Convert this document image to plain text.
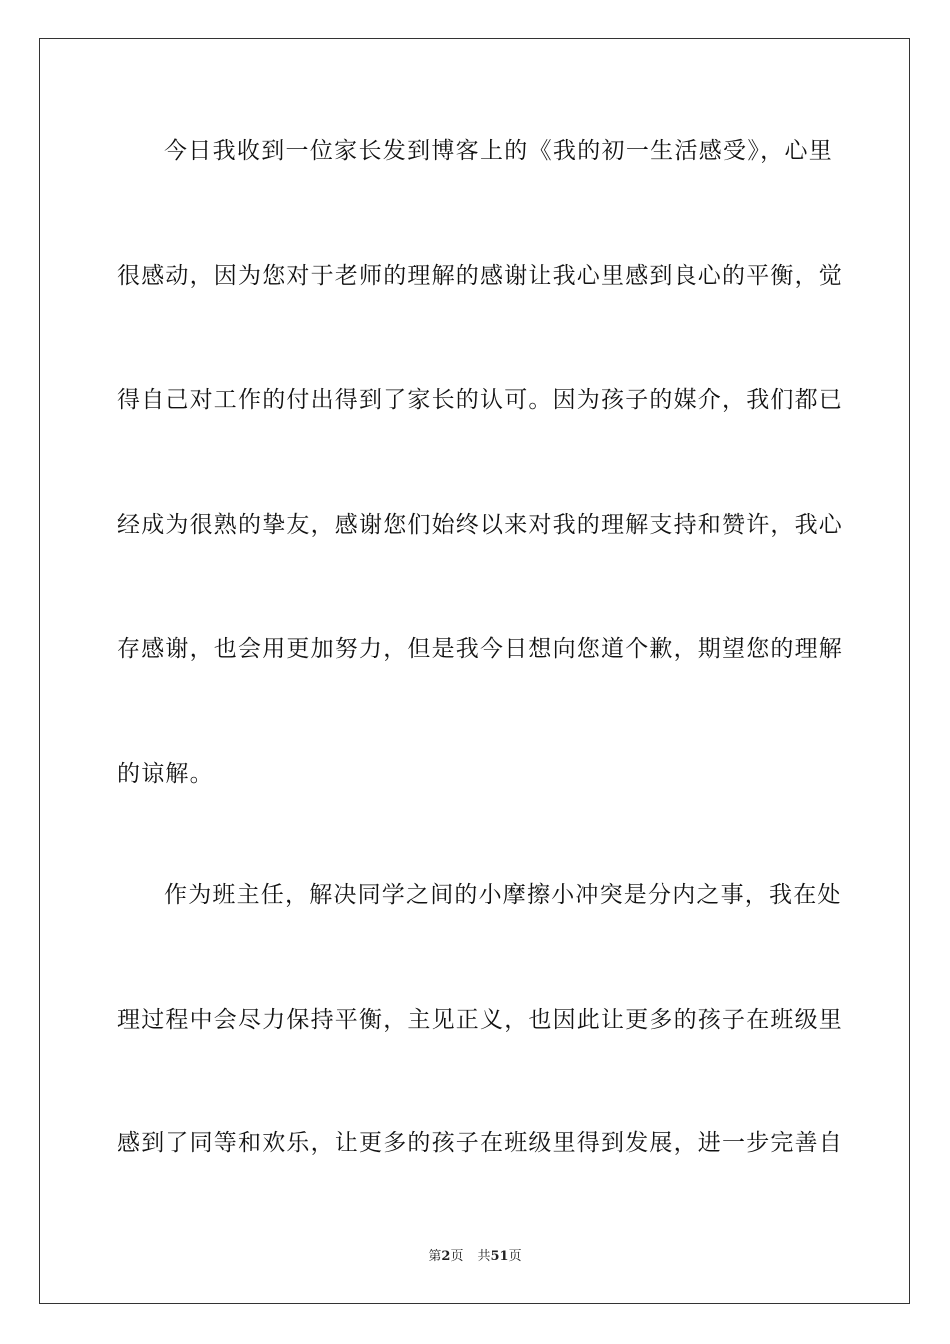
今日我收到一位家长发到博客上的《我的初一生活感受》，心里
很感动，因为您对于老师的理解的感谢让我心里感到良心的平衡，觉
得自己对工作的付出得到了家长的认可。因为孩子的媒介，我们都已
经成为很熟的挚友，感谢您们始终以来对我的理解支持和赞许，我心
存感谢，也会用更加努力，但是我今日想向您道个歉，期望您的理解
的谅解。
作为班主任，解决同学之间的小摩擦小冲突是分内之事，我在处
理过程中会尽力保持平衡，主见正义，也因此让更多的孩子在班级里
感到了同等和欢乐，让更多的孩子在班级里得到发展，进一步完善自
第2页 共51页
